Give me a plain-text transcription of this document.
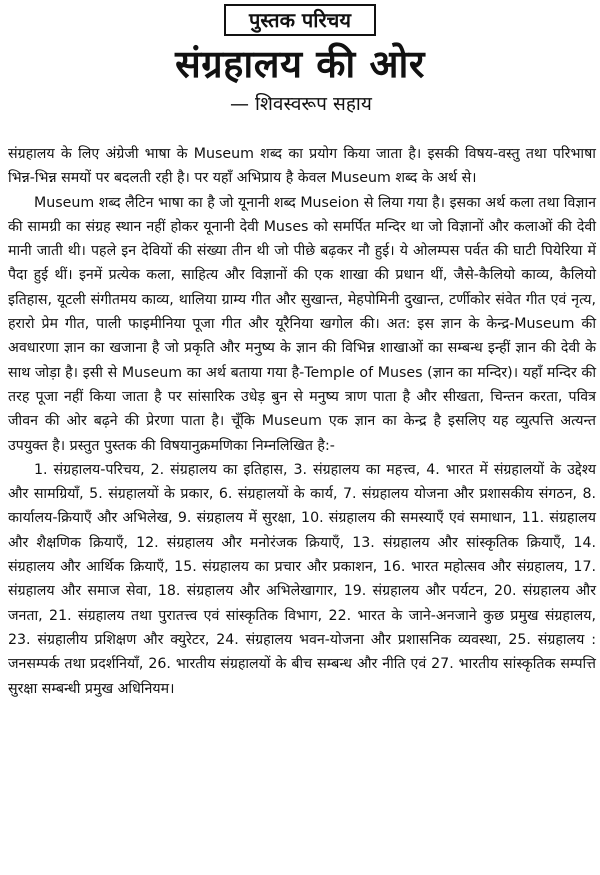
पुस्तक परिचय
संग्रहालय की ओर
— शिवस्वरूप सहाय

संग्रहालय के लिए अंग्रेजी भाषा के Museum शब्द का प्रयोग किया जाता है। इसकी विषय-वस्तु तथा परिभाषा भिन्न-भिन्न समयों पर बदलती रही है। पर यहाँ अभिप्राय है केवल Museum शब्द के अर्थ से।

Museum शब्द लैटिन भाषा का है जो यूनानी शब्द Museion से लिया गया है। इसका अर्थ कला तथा विज्ञान की सामग्री का संग्रह स्थान नहीं होकर यूनानी देवी Muses को समर्पित मन्दिर था जो विज्ञानों और कलाओं की देवी मानी जाती थी। पहले इन देवियों की संख्या तीन थी जो पीछे बढ़कर नौ हुई। ये ओलम्पस पर्वत की घाटी पियेरिया में पैदा हुई थीं। इनमें प्रत्येक कला, साहित्य और विज्ञानों की एक शाखा की प्रधान थीं, जैसे-कैलियो काव्य, कैलियो इतिहास, यूटली संगीतमय काव्य, थालिया ग्राम्य गीत और सुखान्त, मेहपोमिनी दुखान्त, टर्णीकोर संवेत गीत एवं नृत्य, हरारो प्रेम गीत, पाली फाइमीनिया पूजा गीत और यूरैनिया खगोल की। अत: इस ज्ञान के केन्द्र-Museum की अवधारणा ज्ञान का खजाना है जो प्रकृति और मनुष्य के ज्ञान की विभिन्न शाखाओं का सम्बन्ध इन्हीं ज्ञान की देवी के साथ जोड़ा है। इसी से Museum का अर्थ बताया गया है-Temple of Muses (ज्ञान का मन्दिर)। यहाँ मन्दिर की तरह पूजा नहीं किया जाता है पर सांसारिक उधेड़ बुन से मनुष्य त्राण पाता है और सीखता, चिन्तन करता, पवित्र जीवन की ओर बढ़ने की प्रेरणा पाता है। चूँकि Museum एक ज्ञान का केन्द्र है इसलिए यह व्युत्पत्ति अत्यन्त उपयुक्त है। प्रस्तुत पुस्तक की विषयानुक्रमणिका निम्नलिखित है:-

1. संग्रहालय-परिचय, 2. संग्रहालय का इतिहास, 3. संग्रहालय का महत्त्व, 4. भारत में संग्रहालयों के उद्देश्य और सामग्रियाँ, 5. संग्रहालयों के प्रकार, 6. संग्रहालयों के कार्य, 7. संग्रहालय योजना और प्रशासकीय संगठन, 8. कार्यालय-क्रियाएँ और अभिलेख, 9. संग्रहालय में सुरक्षा, 10. संग्रहालय की समस्याएँ एवं समाधान, 11. संग्रहालय और शैक्षणिक क्रियाएँ, 12. संग्रहालय और मनोरंजक क्रियाएँ, 13. संग्रहालय और सांस्कृतिक क्रियाएँ, 14. संग्रहालय और आर्थिक क्रियाएँ, 15. संग्रहालय का प्रचार और प्रकाशन, 16. भारत महोत्सव और संग्रहालय, 17. संग्रहालय और समाज सेवा, 18. संग्रहालय और अभिलेखागार, 19. संग्रहालय और पर्यटन, 20. संग्रहालय और जनता, 21. संग्रहालय तथा पुरातत्त्व एवं सांस्कृतिक विभाग, 22. भारत के जाने-अनजाने कुछ प्रमुख संग्रहालय, 23. संग्रहालीय प्रशिक्षण और क्युरेटर, 24. संग्रहालय भवन-योजना और प्रशासनिक व्यवस्था, 25. संग्रहालय : जनसम्पर्क तथा प्रदर्शनियाँ, 26. भारतीय संग्रहालयों के बीच सम्बन्ध और नीति एवं 27. भारतीय सांस्कृतिक सम्पत्ति सुरक्षा सम्बन्धी प्रमुख अधिनियम।
